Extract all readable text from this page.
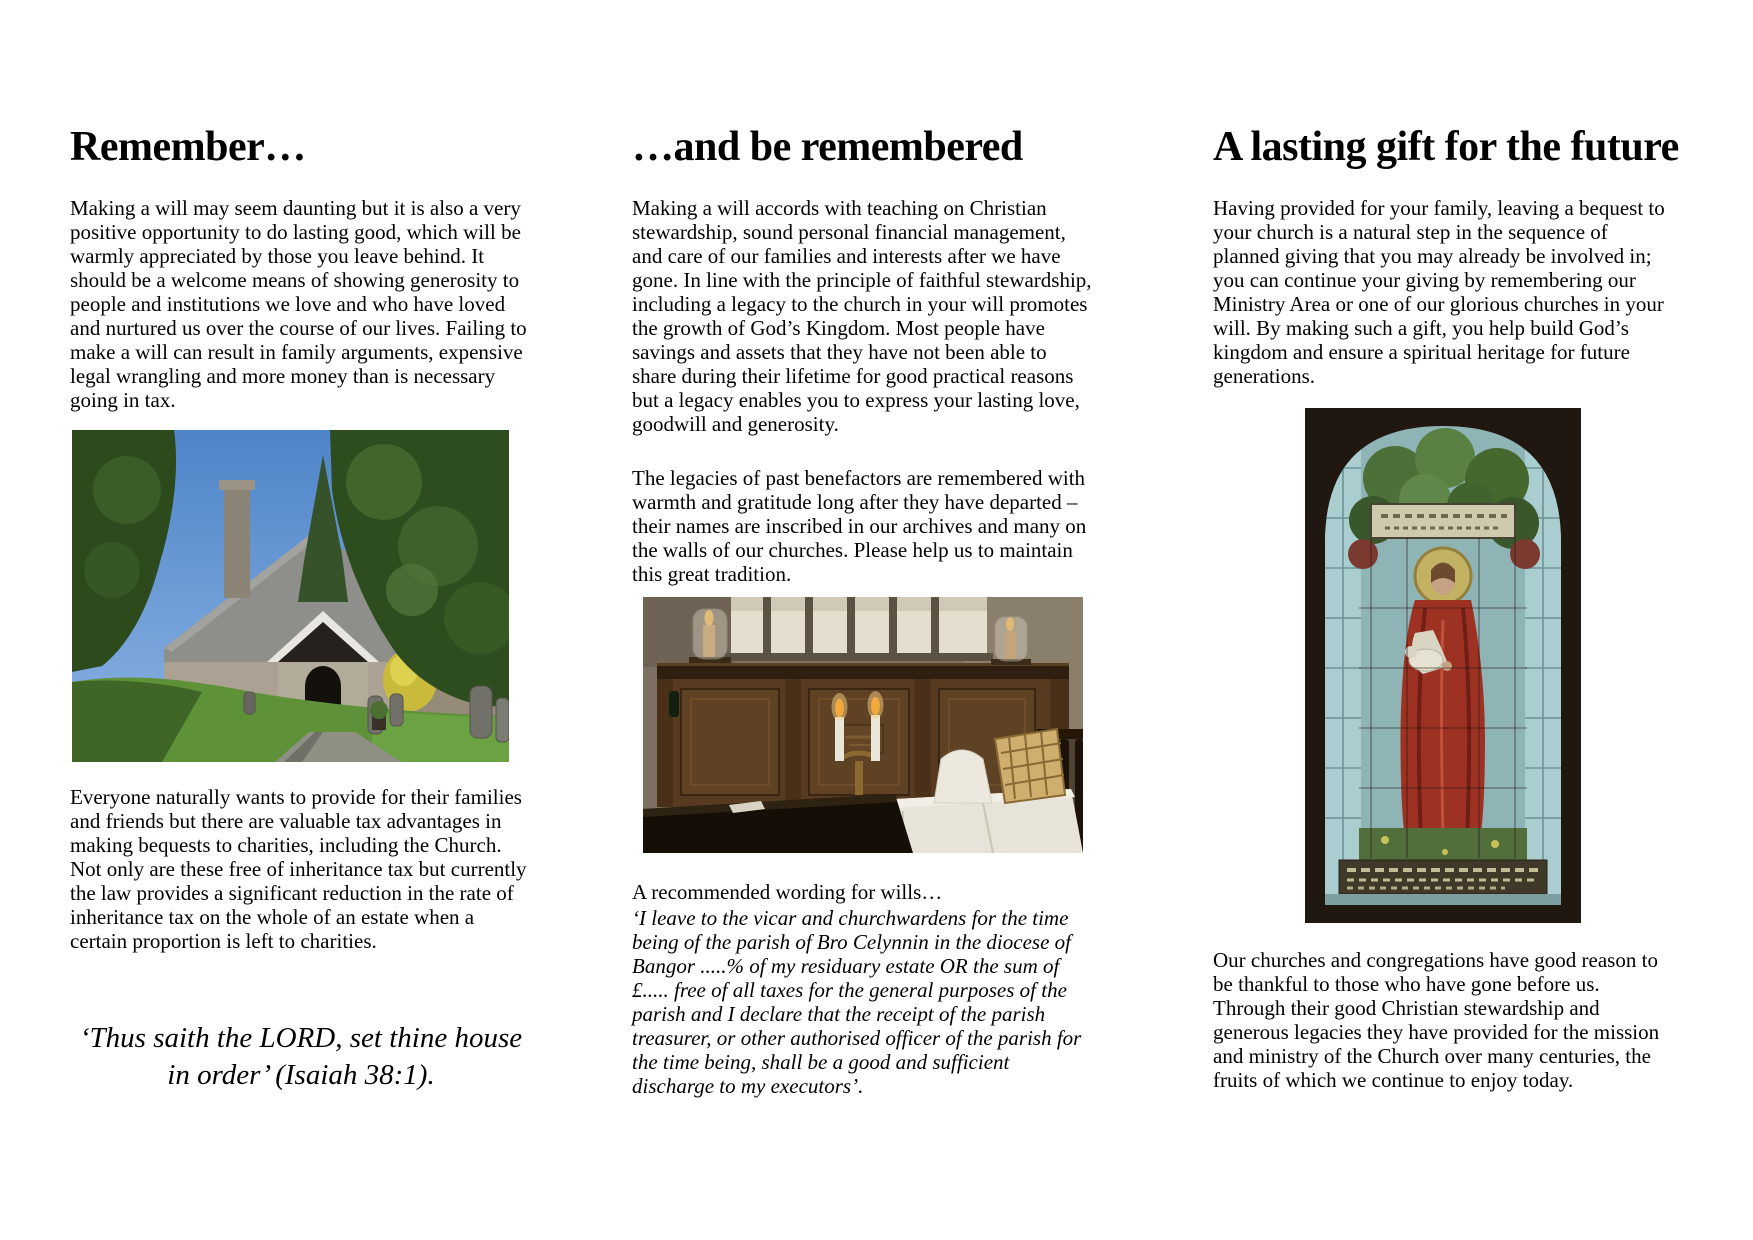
Remember…

Making a will may seem daunting but it is also a very positive opportunity to do lasting good, which will be warmly appreciated by those you leave behind. It should be a welcome means of showing generosity to people and institutions we love and who have loved and nurtured us over the course of our lives. Failing to make a will can result in family arguments, expensive legal wrangling and more money than is necessary going in tax.

Everyone naturally wants to provide for their families and friends but there are valuable tax advantages in making bequests to charities, including the Church. Not only are these free of inheritance tax but currently the law provides a significant reduction in the rate of inheritance tax on the whole of an estate when a certain proportion is left to charities.

‘Thus saith the LORD, set thine house in order’ (Isaiah 38:1).
…and be remembered

Making a will accords with teaching on Christian stewardship, sound personal financial management, and care of our families and interests after we have gone. In line with the principle of faithful stewardship, including a legacy to the church in your will promotes the growth of God’s Kingdom. Most people have savings and assets that they have not been able to share during their lifetime for good practical reasons but a legacy enables you to express your lasting love, goodwill and generosity.

The legacies of past benefactors are remembered with warmth and gratitude long after they have departed – their names are inscribed in our archives and many on the walls of our churches. Please help us to maintain this great tradition.

A recommended wording for wills…

‘I leave to the vicar and churchwardens for the time being of the parish of Bro Celynnin in the diocese of Bangor .....% of my residuary estate OR the sum of £..... free of all taxes for the general purposes of the parish and I declare that the receipt of the parish treasurer, or other authorised officer of the parish for the time being, shall be a good and sufficient discharge to my executors’.

A lasting gift for the future

Having provided for your family, leaving a bequest to your church is a natural step in the sequence of planned giving that you may already be involved in; you can continue your giving by remembering our Ministry Area or one of our glorious churches in your will. By making such a gift, you help build God’s kingdom and ensure a spiritual heritage for future generations.

Our churches and congregations have good reason to be thankful to those who have gone before us. Through their good Christian stewardship and generous legacies they have provided for the mission and ministry of the Church over many centuries, the fruits of which we continue to enjoy today.
